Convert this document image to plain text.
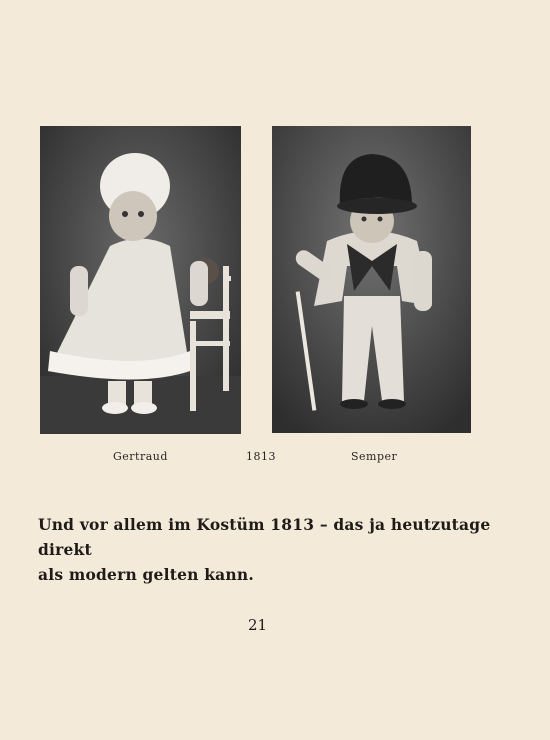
Gertraud	1813	Semper

Und vor allem im Kostüm 1813 – das ja heutzutage direkt

als modern gelten kann.

21
